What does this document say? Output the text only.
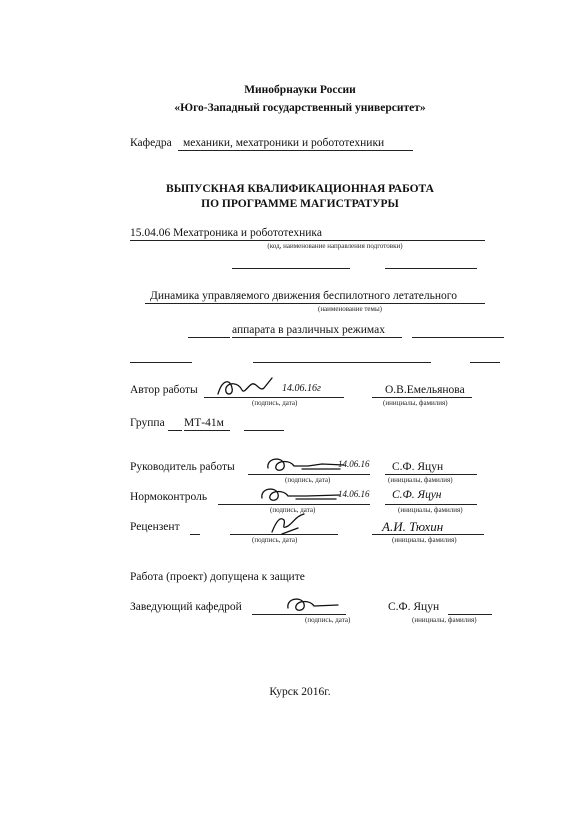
Минобрнауки России
«Юго-Западный государственный университет»
Кафедра механики, мехатроники и робототехники
ВЫПУСКНАЯ КВАЛИФИКАЦИОННАЯ РАБОТА
ПО ПРОГРАММЕ МАГИСТРАТУРЫ
15.04.06 Мехатроника и робототехника
(код, наименование направления подготовки)
Динамика управляемого движения беспилотного летательного
(наименование темы)
аппарата в различных режимах
Автор работы	14.06.16г
(подпись, дата)
О.В.Емельянова
(инициалы, фамилия)
Группа МТ-41м
Руководитель работы	14.06.16
(подпись, дата)
С.Ф. Яцун
(инициалы, фамилия)
Нормоконтроль	14.06.16
(подпись, дата)
С.Ф. Яцун
(инициалы, фамилия)
Рецензент
(подпись, дата)
А.И. Тюхин
(инициалы, фамилия)
Работа (проект) допущена к защите
Заведующий кафедрой
(подпись, дата)
С.Ф. Яцун
(инициалы, фамилия)
Курск 2016г.
